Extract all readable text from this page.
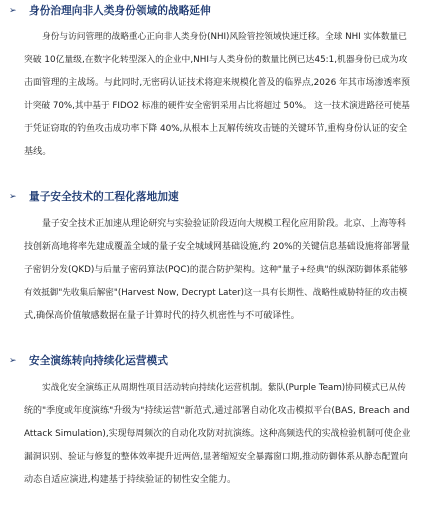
➢	身份治理向非人类身份领域的战略延伸
身份与访问管理的战略重心正向非人类身份(NHI)风险管控领域快速迁移。全球 NHI 实体数量已
突破 10亿量级,在数字化转型深入的企业中,NHI与人类身份的数量比例已达45:1,机器身份已成为攻
击面管理的主战场。与此同时,无密码认证技术将迎来规模化普及的临界点,2026 年其市场渗透率预
计突破 70%,其中基于 FIDO2 标准的硬件安全密钥采用占比将超过 50%。 这一技术演进路径可使基
于凭证窃取的钓鱼攻击成功率下降 40%,从根本上瓦解传统攻击链的关键环节,重构身份认证的安全
基线。
➢	量子安全技术的工程化落地加速
量子安全技术正加速从理论研究与实验验证阶段迈向大规模工程化应用阶段。北京、上海等科
技创新高地将率先建成覆盖全域的量子安全城域网基础设施,约 20%的关键信息基础设施将部署量
子密钥分发(QKD)与后量子密码算法(PQC)的混合防护架构。这种"量子+经典"的纵深防御体系能够
有效抵御"先收集后解密"(Harvest Now, Decrypt Later)这一具有长期性、战略性威胁特征的攻击模
式,确保高价值敏感数据在量子计算时代的持久机密性与不可破译性。
➢	安全演练转向持续化运营模式
实战化安全演练正从周期性项目活动转向持续化运营机制。紫队(Purple Team)协同模式已从传
统的"季度或年度演练"升级为"持续运营"新范式,通过部署自动化攻击模拟平台(BAS, Breach and
Attack Simulation),实现每周频次的自动化攻防对抗演练。这种高频迭代的实战检验机制可使企业
漏洞识别、验证与修复的整体效率提升近两倍,显著缩短安全暴露窗口期,推动防御体系从静态配置向
动态自适应演进,构建基于持续验证的韧性安全能力。
